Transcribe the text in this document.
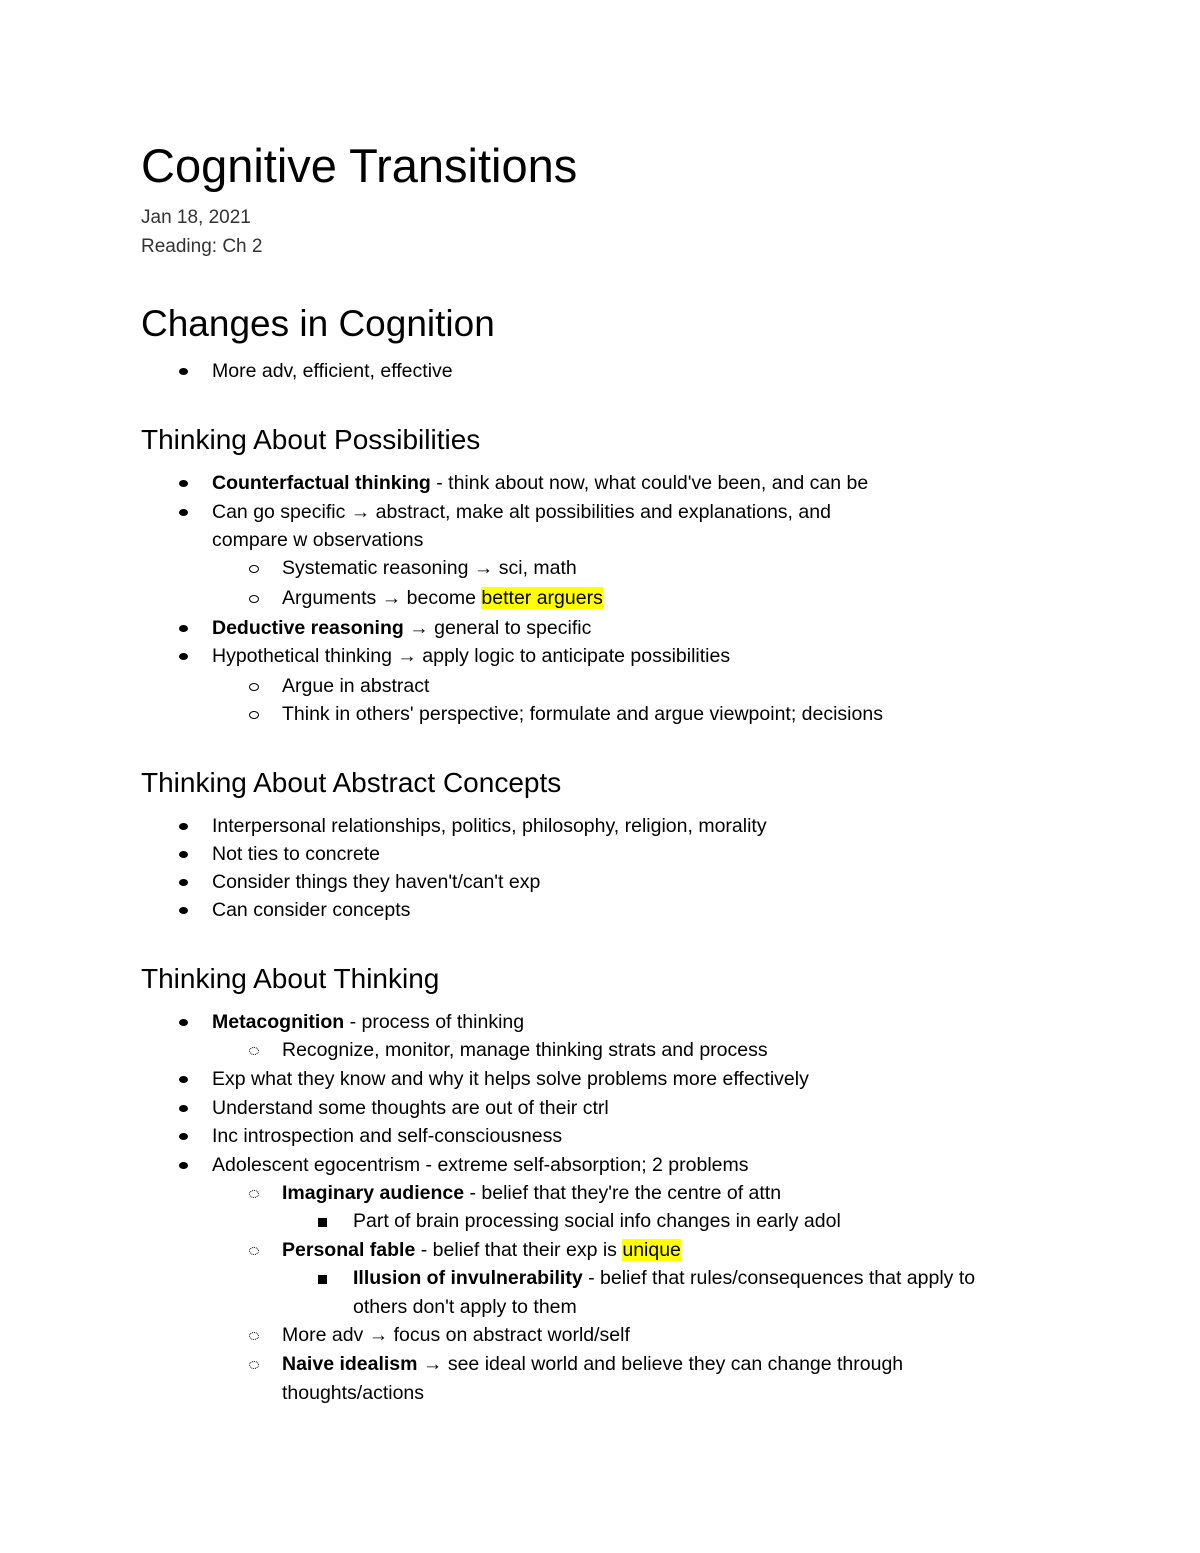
Cognitive Transitions
Jan 18, 2021
Reading: Ch 2
Changes in Cognition
More adv, efficient, effective
Thinking About Possibilities
Counterfactual thinking - think about now, what could've been, and can be
Can go specific → abstract, make alt possibilities and explanations, and
compare w observations
Systematic reasoning → sci, math
Arguments → become better arguers
Deductive reasoning → general to specific
Hypothetical thinking → apply logic to anticipate possibilities
Argue in abstract
Think in others' perspective; formulate and argue viewpoint; decisions
Thinking About Abstract Concepts
Interpersonal relationships, politics, philosophy, religion, morality
Not ties to concrete
Consider things they haven't/can't exp
Can consider concepts
Thinking About Thinking
Metacognition - process of thinking
Recognize, monitor, manage thinking strats and process
Exp what they know and why it helps solve problems more effectively
Understand some thoughts are out of their ctrl
Inc introspection and self-consciousness
Adolescent egocentrism - extreme self-absorption; 2 problems
Imaginary audience - belief that they're the centre of attn
Part of brain processing social info changes in early adol
Personal fable - belief that their exp is unique
Illusion of invulnerability - belief that rules/consequences that apply to
others don't apply to them
More adv → focus on abstract world/self
Naive idealism → see ideal world and believe they can change through
thoughts/actions
